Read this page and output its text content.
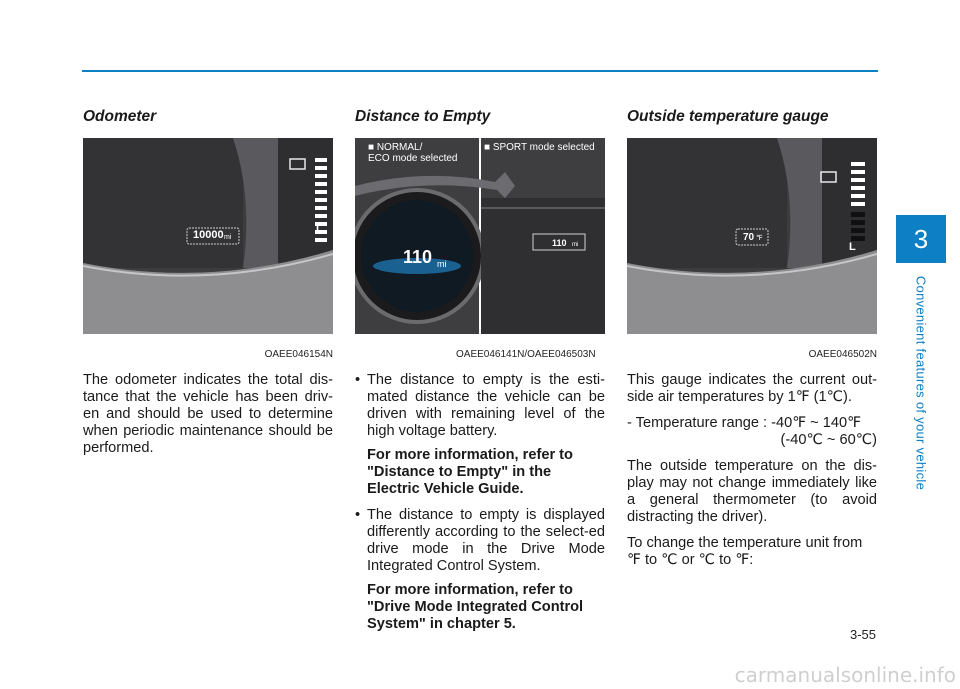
Odometer
10000 mi
L
OAEE046154N

The odometer indicates the total dis-tance that the vehicle has been driv-en and should be used to determine when periodic maintenance should be performed.

Distance to Empty
■ NORMAL/
ECO mode selected
■ SPORT mode selected
110 mi
110 mi
OAEE046141N/OAEE046503N
• The distance to empty is the esti-mated distance the vehicle can be driven with remaining level of the high voltage battery.
For more information, refer to "Distance to Empty" in the Electric Vehicle Guide.
• The distance to empty is displayed differently according to the select-ed drive mode in the Drive Mode Integrated Control System.
For more information, refer to "Drive Mode Integrated Control System" in chapter 5.
Outside temperature gauge
70 ℉
L
OAEE046502N

This gauge indicates the current out-side air temperatures by 1℉ (1℃).

- Temperature range : -40℉ ~ 140℉

(-40℃ ~ 60℃)

The outside temperature on the dis-play may not change immediately like a general thermometer (to avoid distracting the driver).

To change the temperature unit from ℉ to ℃ or ℃ to ℉:

3
Convenient features of your vehicle
3-55
carmanualsonline.info
